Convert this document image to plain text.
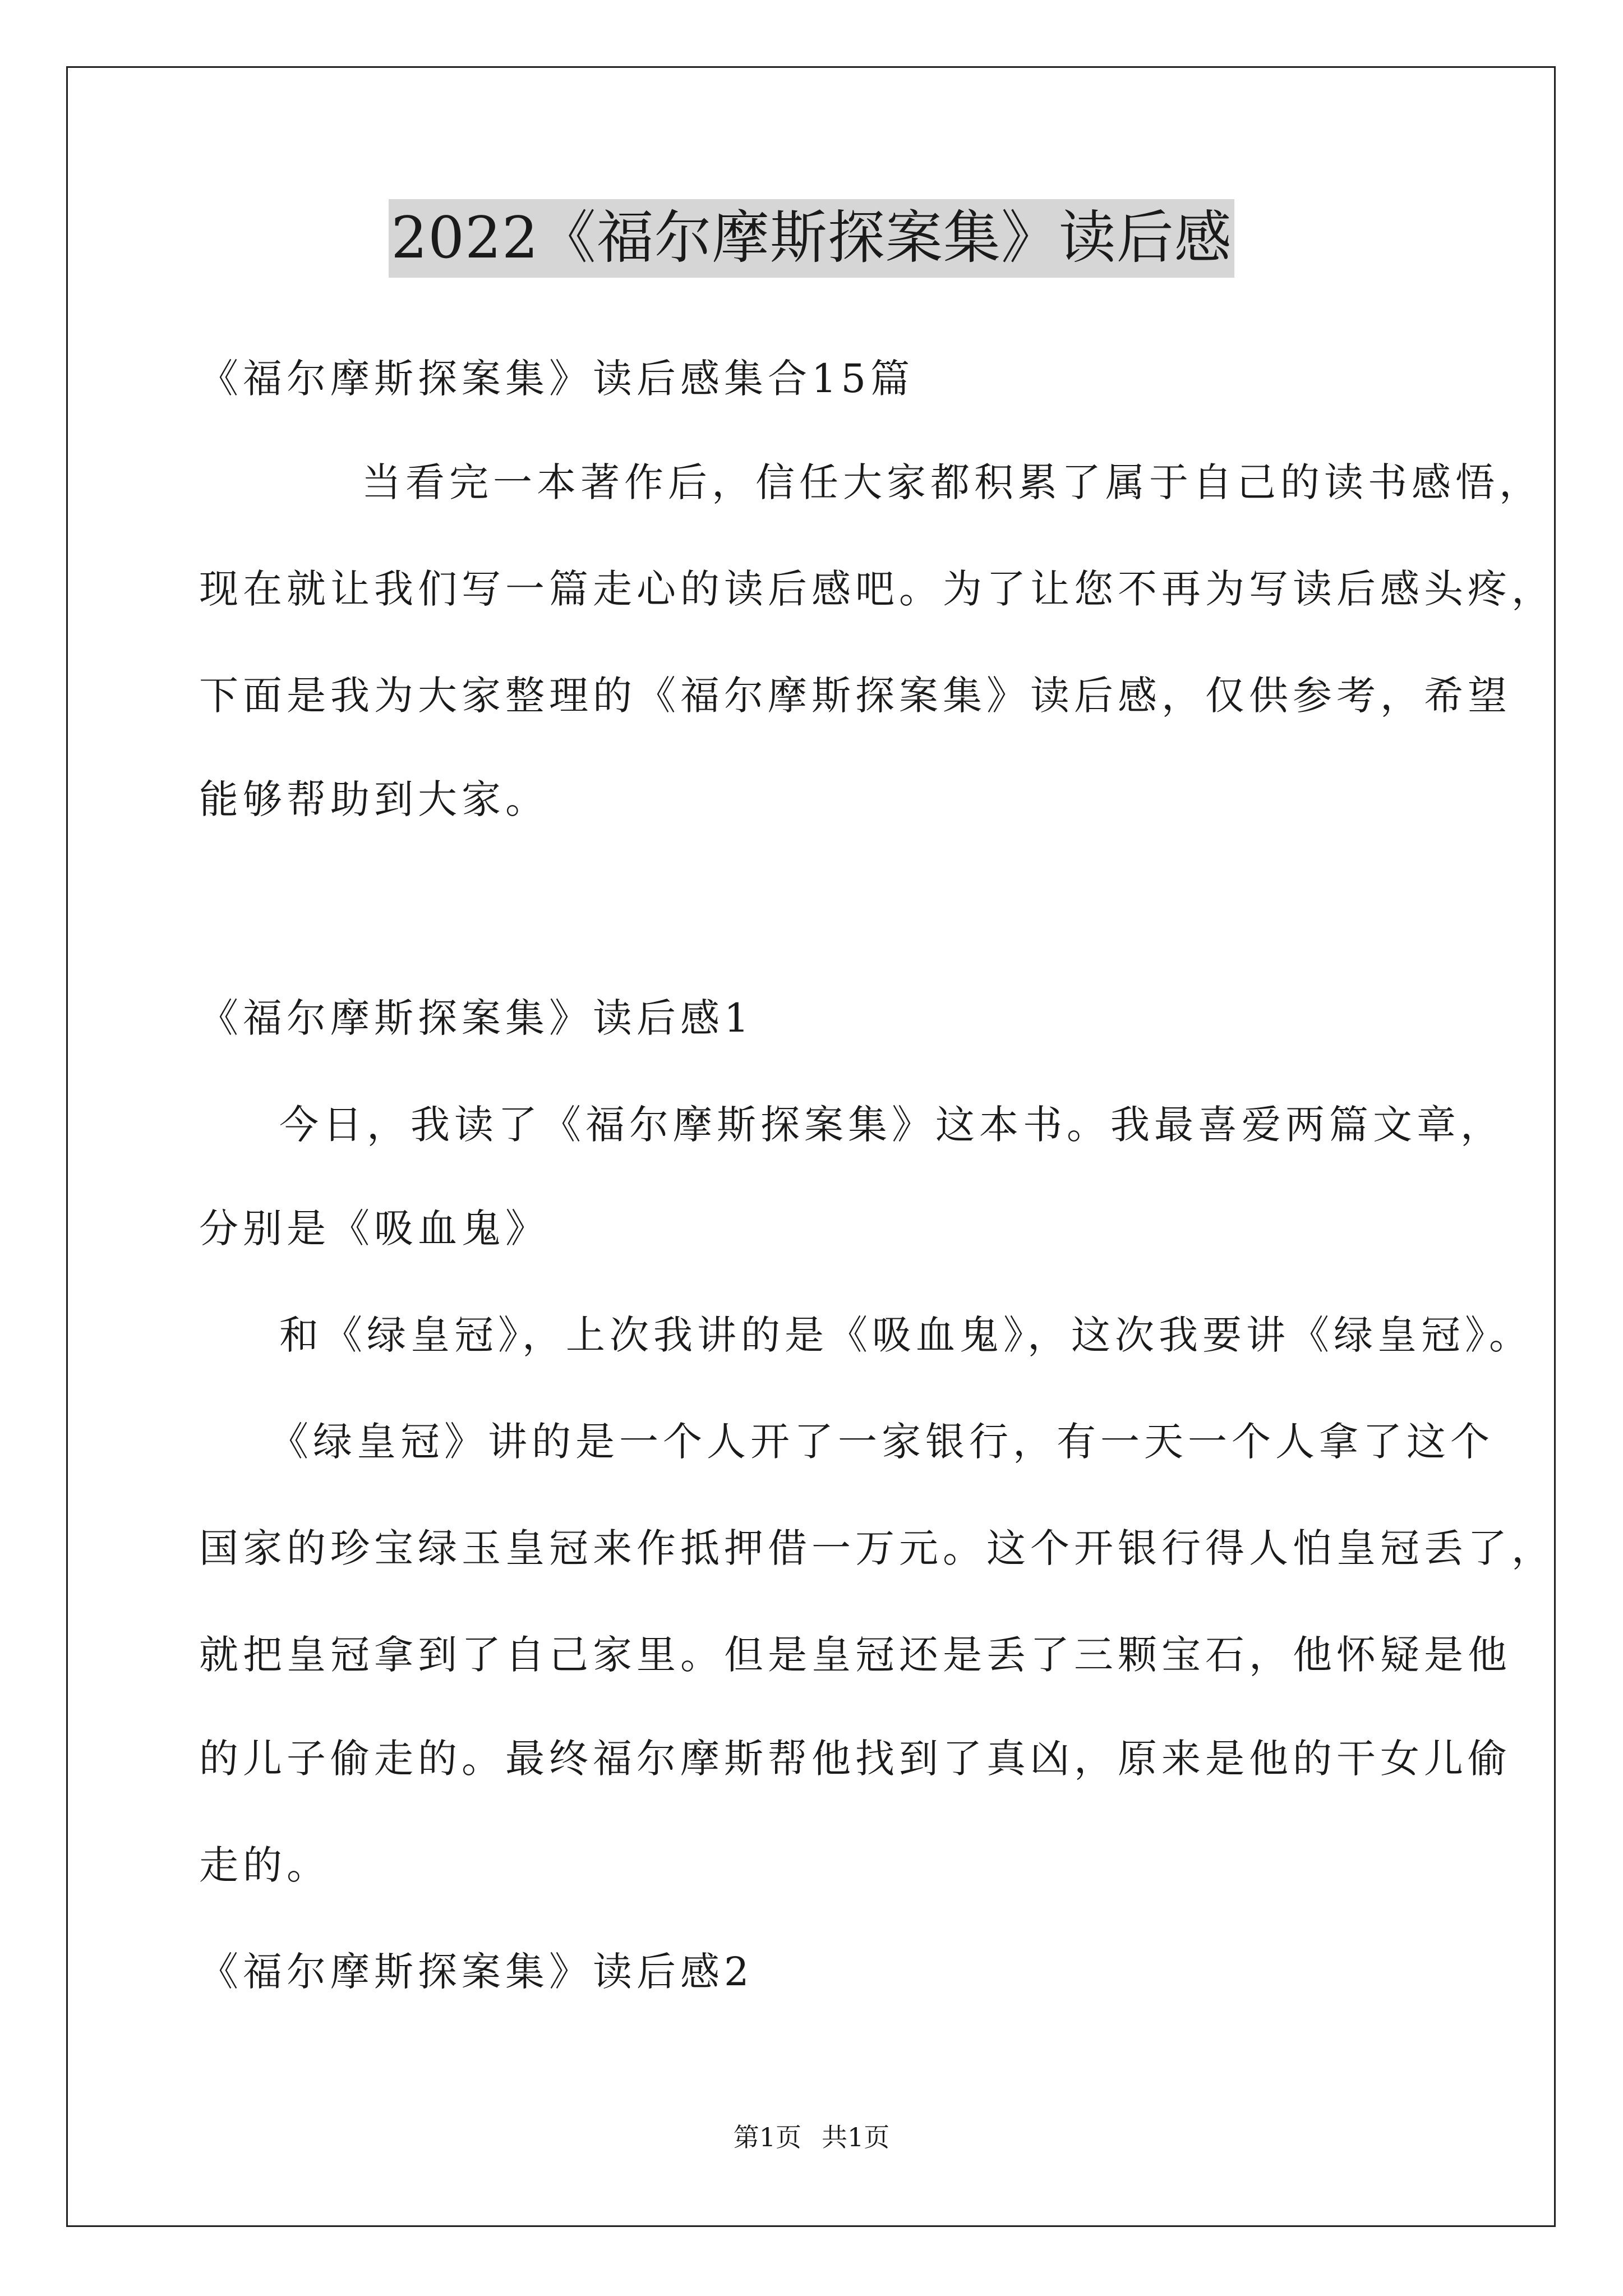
2022《福尔摩斯探案集》读后感
《福尔摩斯探案集》读后感集合15篇
当看完一本著作后，信任大家都积累了属于自己的读书感悟，
现在就让我们写一篇走心的读后感吧。为了让您不再为写读后感头疼，
下面是我为大家整理的《福尔摩斯探案集》读后感，仅供参考，希望
能够帮助到大家。
《福尔摩斯探案集》读后感1
今日，我读了《福尔摩斯探案集》这本书。我最喜爱两篇文章，
分别是《吸血鬼》
和《绿皇冠》，上次我讲的是《吸血鬼》，这次我要讲《绿皇冠》。
《绿皇冠》讲的是一个人开了一家银行，有一天一个人拿了这个
国家的珍宝绿玉皇冠来作抵押借一万元。这个开银行得人怕皇冠丢了，
就把皇冠拿到了自己家里。但是皇冠还是丢了三颗宝石，他怀疑是他
的儿子偷走的。最终福尔摩斯帮他找到了真凶，原来是他的干女儿偷
走的。
《福尔摩斯探案集》读后感2
第1页 共1页
